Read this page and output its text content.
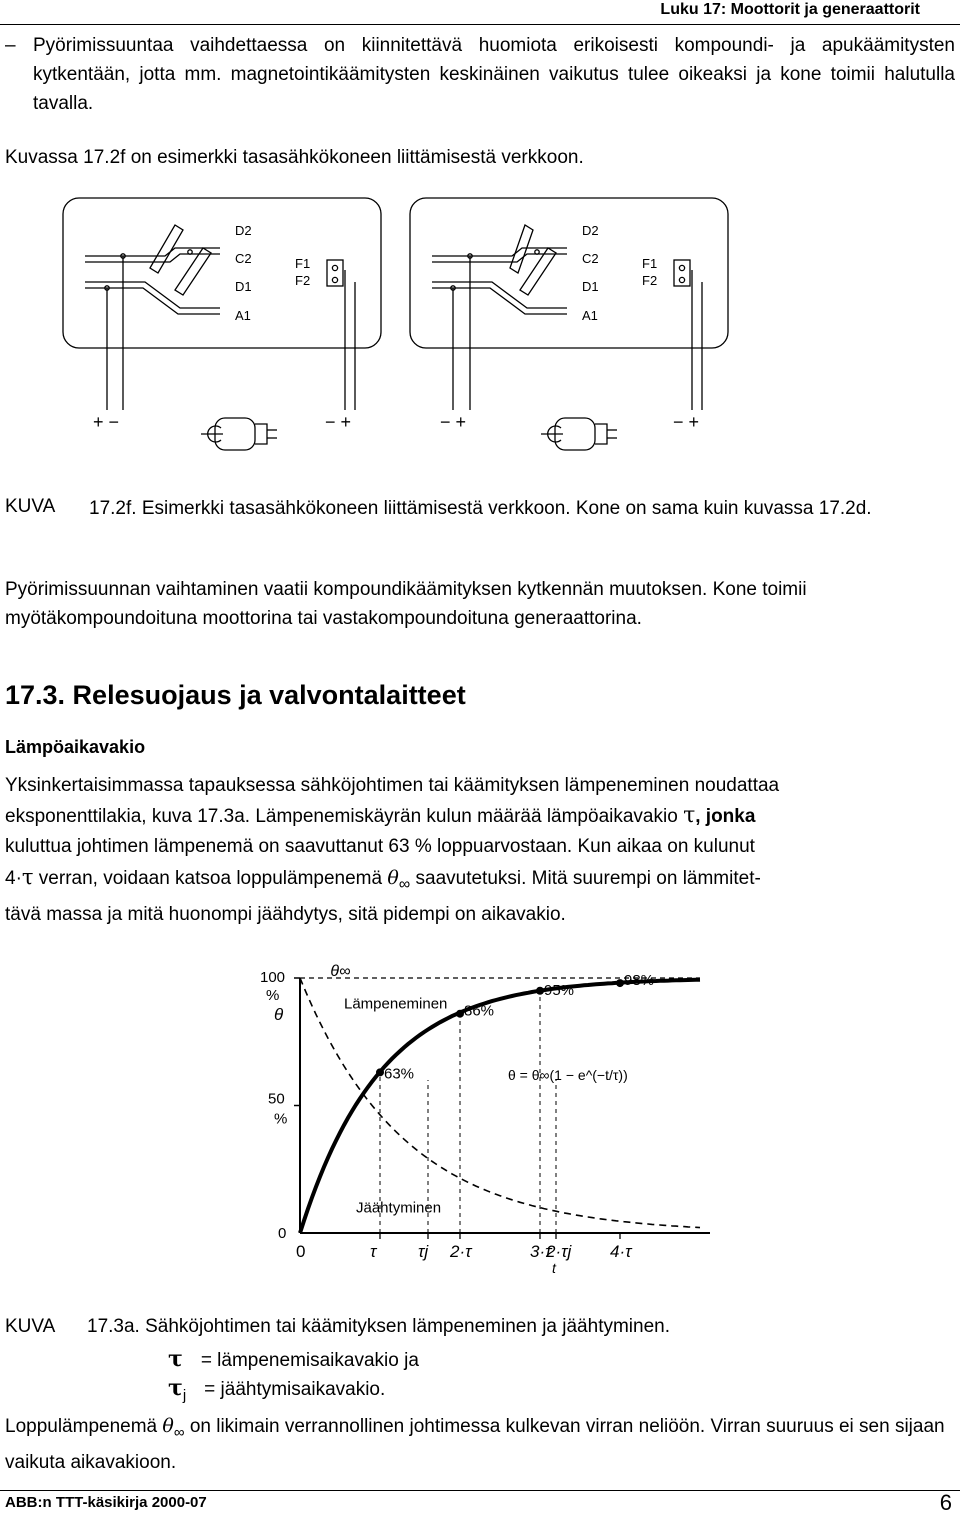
Luku 17: Moottorit ja generaattorit
– Pyörimissuuntaa vaihdettaessa on kiinnitettävä huomiota erikoisesti kompoundi- ja apukäämitysten kytkentään, jotta mm. magnetointikäämitysten keskinäinen vaikutus tulee oikeaksi ja kone toimii halutulla tavalla.
Kuvassa 17.2f on esimerkki tasasähkökoneen liittämisestä verkkoon.
D2
C2
D1
A1
F1
F2
D2
C2
D1
A1
F1
F2
+ −	− +	− +	− +
KUVA 17.2f. Esimerkki tasasähkökoneen liittämisestä verkkoon. Kone on sama kuin kuvassa 17.2d.
Pyörimissuunnan vaihtaminen vaatii kompoundikäämityksen kytkennän muutoksen. Kone toimii myötäkompoundoituna moottorina tai vastakompoundoituna generaattorina.
17.3. Relesuojaus ja valvontalaitteet
Lämpöaikavakio
Yksinkertaisimmassa tapauksessa sähköjohtimen tai käämityksen lämpeneminen noudattaa
eksponenttilakia, kuva 17.3a. Lämpenemiskäyrän kulun määrää lämpöaikavakio τ, jonka
kuluttua johtimen lämpenemä on saavuttanut 63 % loppuarvostaan. Kun aikaa on kulunut
4·τ verran, voidaan katsoa loppulämpenemä $\theta_\infty$ saavutetuksi. Mitä suurempi on lämmitet-
tävä massa ja mitä huonompi jäähdytys, sitä pidempi on aikavakio.
0
50
%
100
%
θ
0	τ τj 2·τ	3·τ
2·τj 4·τ
t
θ∞
63%
86%
95%
98%
θ = θ∞(1 − e^(−t/τ))
Lämpeneminen
Jäähtyminen
KUVA 17.3a. Sähköjohtimen tai käämityksen lämpeneminen ja jäähtyminen.
τ = lämpenemisaikavakio ja
$\tau_j$ = jäähtymisaikavakio.
Loppulämpenemä $\theta_\infty$ on likimain verrannollinen johtimessa kulkevan virran neliöön. Virran suuruus ei sen sijaan vaikuta aikavakioon.
ABB:n TTT-käsikirja 2000-07	6
